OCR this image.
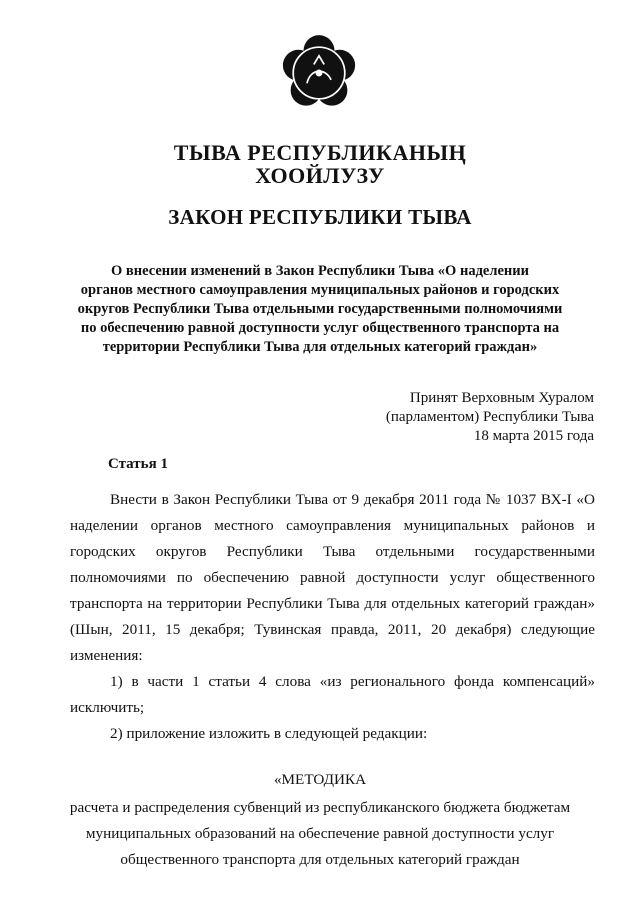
ТЫВА РЕСПУБЛИКАНЫҢ
ХООЙЛУЗУ
ЗАКОН РЕСПУБЛИКИ ТЫВА
О внесении изменений в Закон Республики Тыва «О наделении
органов местного самоуправления муниципальных районов и городских
округов Республики Тыва отдельными государственными полномочиями
по обеспечению равной доступности услуг общественного транспорта на
территории Республики Тыва для отдельных категорий граждан»
Принят Верховным Хуралом
(парламентом) Республики Тыва
18 марта 2015 года
Статья 1

Внести в Закон Республики Тыва от 9 декабря 2011 года № 1037 ВХ-I «О наделении органов местного самоуправления муниципальных районов и городских округов Республики Тыва отдельными государственными полномочиями по обеспечению равной доступности услуг общественного транспорта на территории Республики Тыва для отдельных категорий граждан» (Шын, 2011, 15 декабря; Тувинская правда, 2011, 20 декабря) следующие изменения:

1) в части 1 статьи 4 слова «из регионального фонда компенсаций» исключить;

2) приложение изложить в следующей редакции:

«МЕТОДИКА
расчета и распределения субвенций из республиканского бюджета бюджетам
муниципальных образований на обеспечение равной доступности услуг
общественного транспорта для отдельных категорий граждан
